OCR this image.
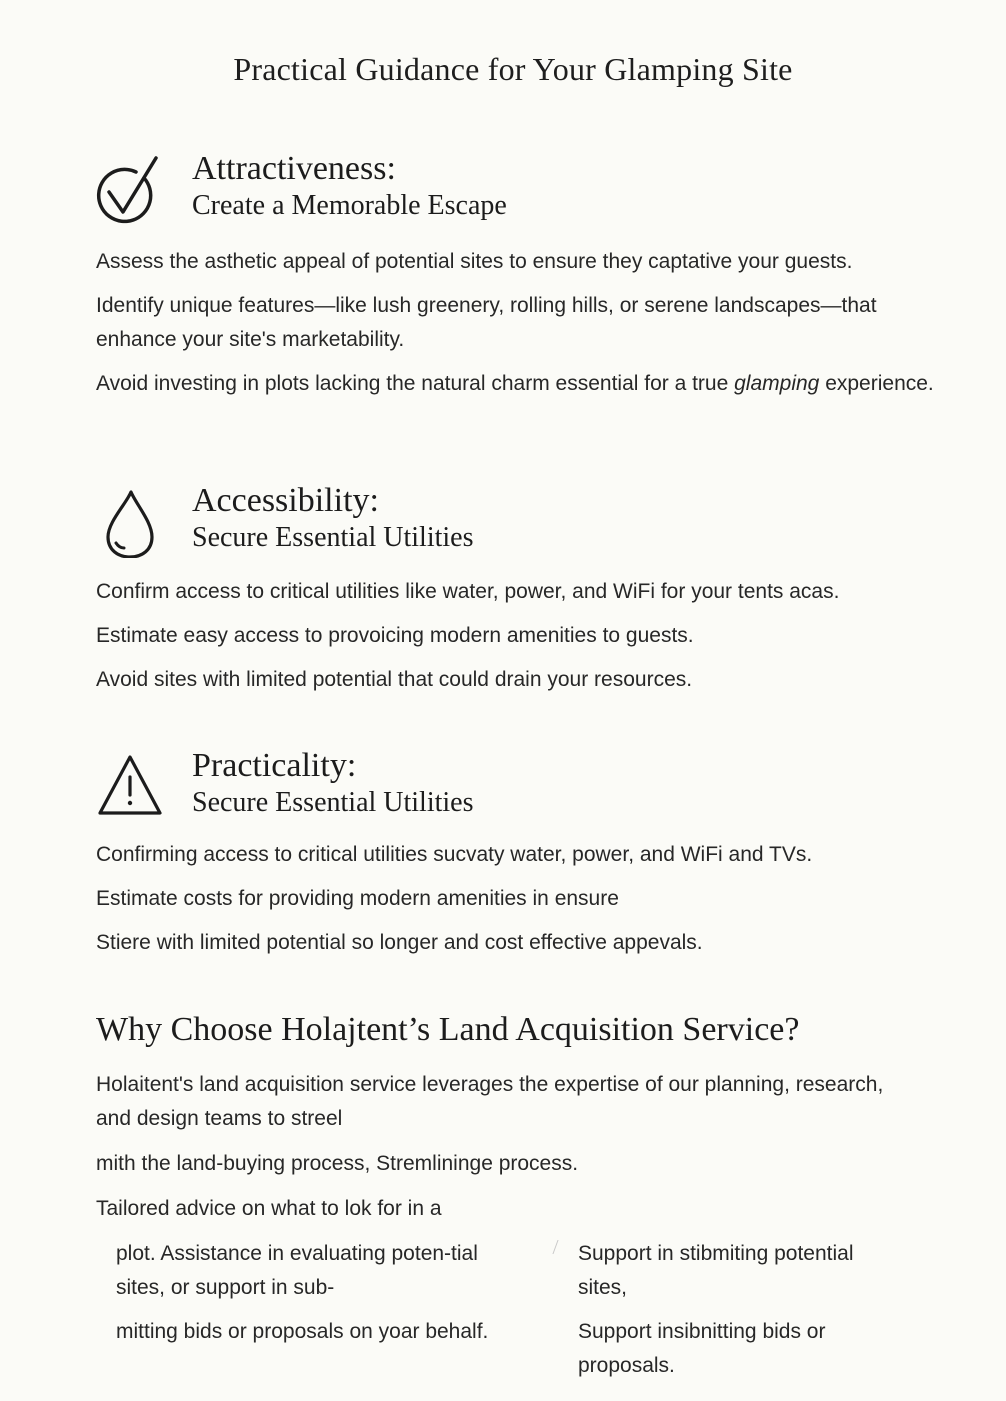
Practical Guidance for Your Glamping Site
Attractiveness:
Create a Memorable Escape

Assess the asthetic appeal of potential sites to ensure they captative your guests.

Identify unique features—like lush greenery, rolling hills, or serene landscapes—that enhance your site's marketability.

Avoid investing in plots lacking the natural charm essential for a true glamping experience.

Accessibility:
Secure Essential Utilities

Confirm access to critical utilities like water, power, and WiFi for your tents acas.

Estimate easy access to provoicing modern amenities to guests.

Avoid sites with limited potential that could drain your resources.

Practicality:
Secure Essential Utilities

Confirming access to critical utilities sucvaty water, power, and WiFi and TVs.

Estimate costs for providing modern amenities in ensure

Stiere with limited potential so longer and cost effective appevals.

Why Choose Holajtent’s Land Acquisition Service?

Holaitent's land acquisition service leverages the expertise of our planning, research, and design teams to streel

mith the land-buying process, Stremlininge process.

Tailored advice on what to lok for in a

plot. Assistance in evaluating poten-tial sites, or support in sub-

mitting bids or proposals on yoar behalf.

Support in stibmiting potential sites,

Support insibnitting bids or proposals.
